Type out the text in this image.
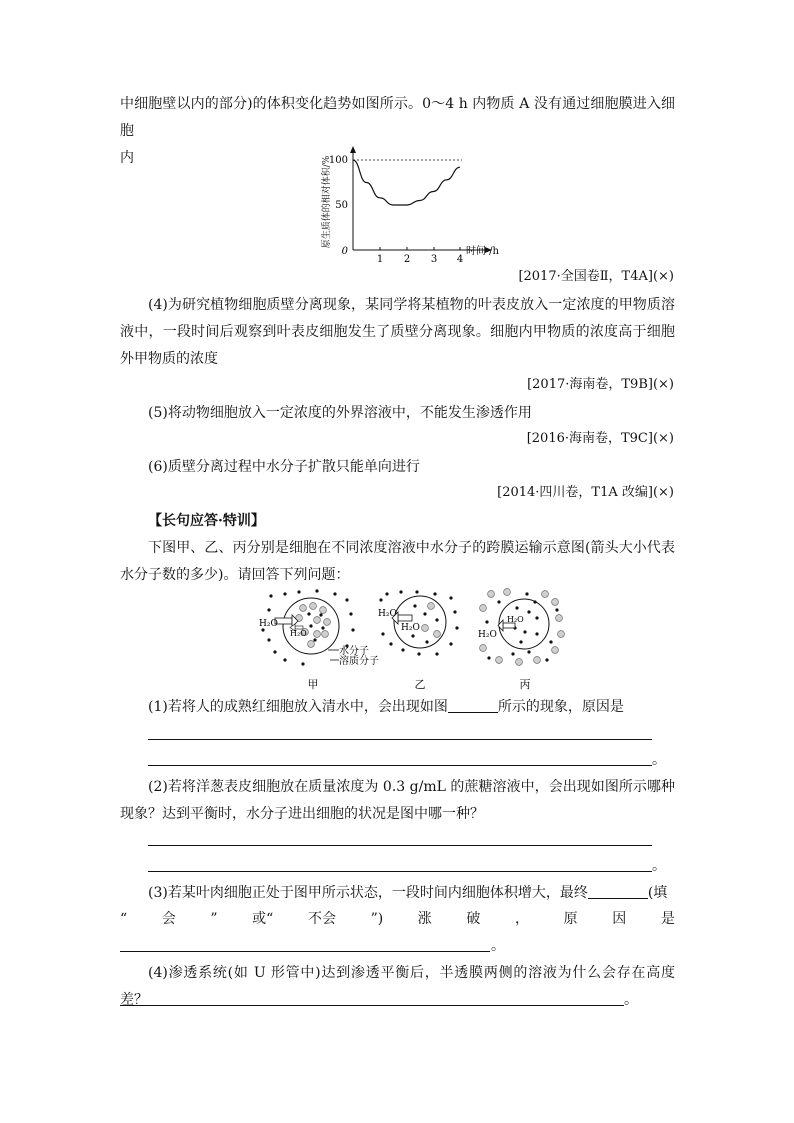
中细胞壁以内的部分)的体积变化趋势如图所示。0～4 h 内物质 A 没有通过细胞膜进入细胞
内	原生质体的相对体积/%
100
50
0
1 2 3 4
时间 /h
[2017·全国卷Ⅱ，T4A](×)
(4)为研究植物细胞质壁分离现象，某同学将某植物的叶表皮放入一定浓度的甲物质溶液中，一段时间后观察到叶表皮细胞发生了质壁分离现象。细胞内甲物质的浓度高于细胞外甲物质的浓度
[2017·海南卷，T9B](×)
(5)将动物细胞放入一定浓度的外界溶液中，不能发生渗透作用
[2016·海南卷，T9C](×)
(6)质壁分离过程中水分子扩散只能单向进行
[2014·四川卷，T1A 改编](×)
【长句应答·特训】
下图甲、乙、丙分别是细胞在不同浓度溶液中水分子的跨膜运输示意图(箭头大小代表水分子数的多少)。请回答下列问题：
H₂O
H₂O
H₂O
H₂O
H₂O
H₂O
水分子
溶质分子
甲	乙	丙
(1)若将人的成熟红细胞放入清水中，会出现如图	所示的现象，原因是
。
(2)若将洋葱表皮细胞放在质量浓度为 0.3 g/mL 的蔗糖溶液中，会出现如图所示哪种现象？达到平衡时，水分子进出细胞的状况是图中哪一种？
。
(3)若某叶肉细胞正处于图甲所示状态，一段时间内细胞体积增大，最终	(填
“ 会 ” 或“ 不会 ”) 涨 破 ， 原 因 是
。
(4)渗透系统(如 U 形管中)达到渗透平衡后，半透膜两侧的溶液为什么会存在高度差？	。
